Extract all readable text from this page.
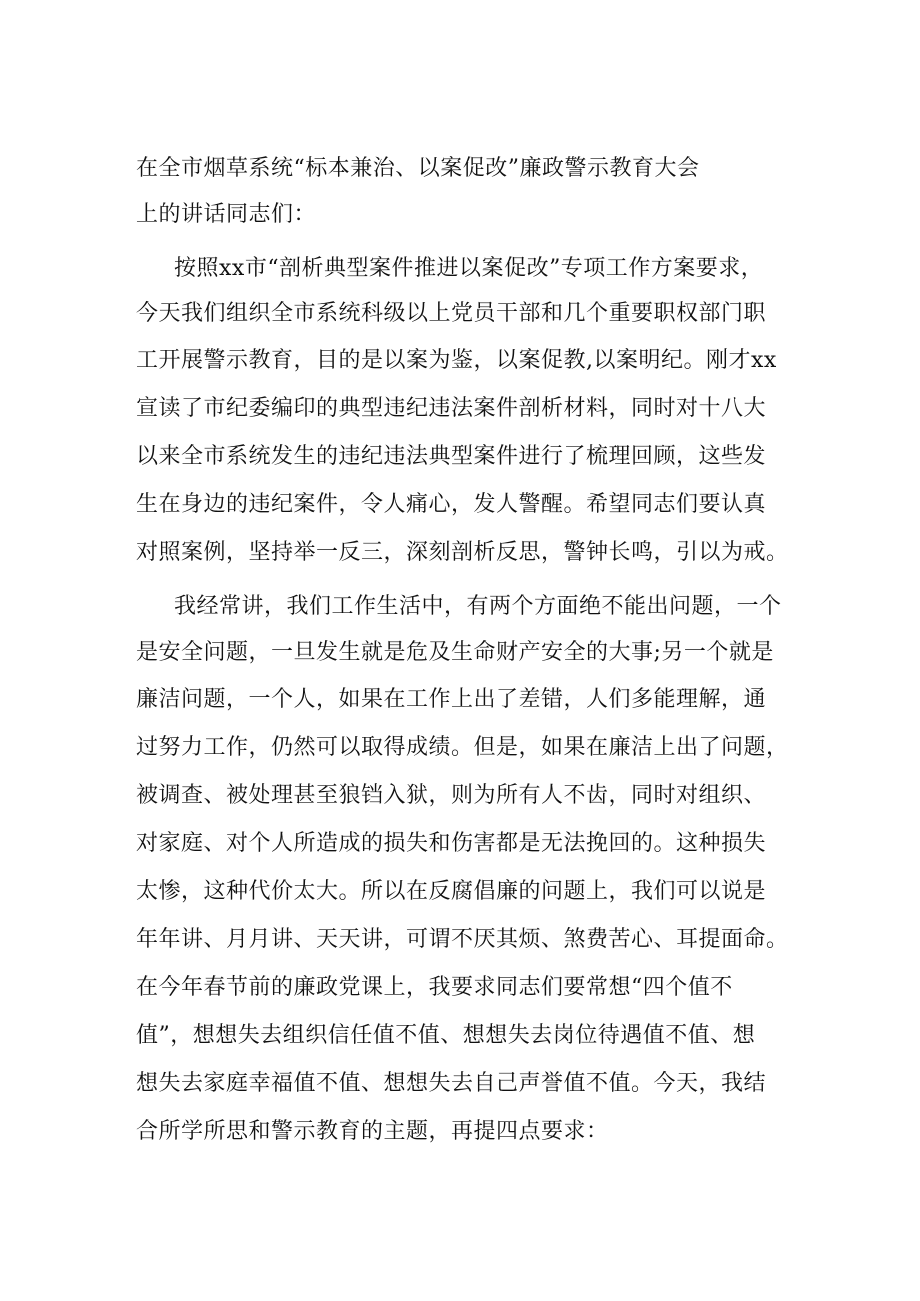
在全市烟草系统“标本兼治、以案促改”廉政警示教育大会
上的讲话同志们：
按照xx市“剖析典型案件推进以案促改”专项工作方案要求，
今天我们组织全市系统科级以上党员干部和几个重要职权部门职
工开展警示教育，目的是以案为鉴，以案促教,以案明纪。刚才xx
宣读了市纪委编印的典型违纪违法案件剖析材料，同时对十八大
以来全市系统发生的违纪违法典型案件进行了梳理回顾，这些发
生在身边的违纪案件，令人痛心，发人警醒。希望同志们要认真
对照案例，坚持举一反三，深刻剖析反思，警钟长鸣，引以为戒。
我经常讲，我们工作生活中，有两个方面绝不能出问题，一个
是安全问题，一旦发生就是危及生命财产安全的大事;另一个就是
廉洁问题，一个人，如果在工作上出了差错，人们多能理解，通
过努力工作，仍然可以取得成绩。但是，如果在廉洁上出了问题，
被调查、被处理甚至狼铛入狱，则为所有人不齿，同时对组织、
对家庭、对个人所造成的损失和伤害都是无法挽回的。这种损失
太惨，这种代价太大。所以在反腐倡廉的问题上，我们可以说是
年年讲、月月讲、天天讲，可谓不厌其烦、煞费苦心、耳提面命。
在今年春节前的廉政党课上，我要求同志们要常想“四个值不
值”，想想失去组织信任值不值、想想失去岗位待遇值不值、想
想失去家庭幸福值不值、想想失去自己声誉值不值。今天，我结
合所学所思和警示教育的主题，再提四点要求：
